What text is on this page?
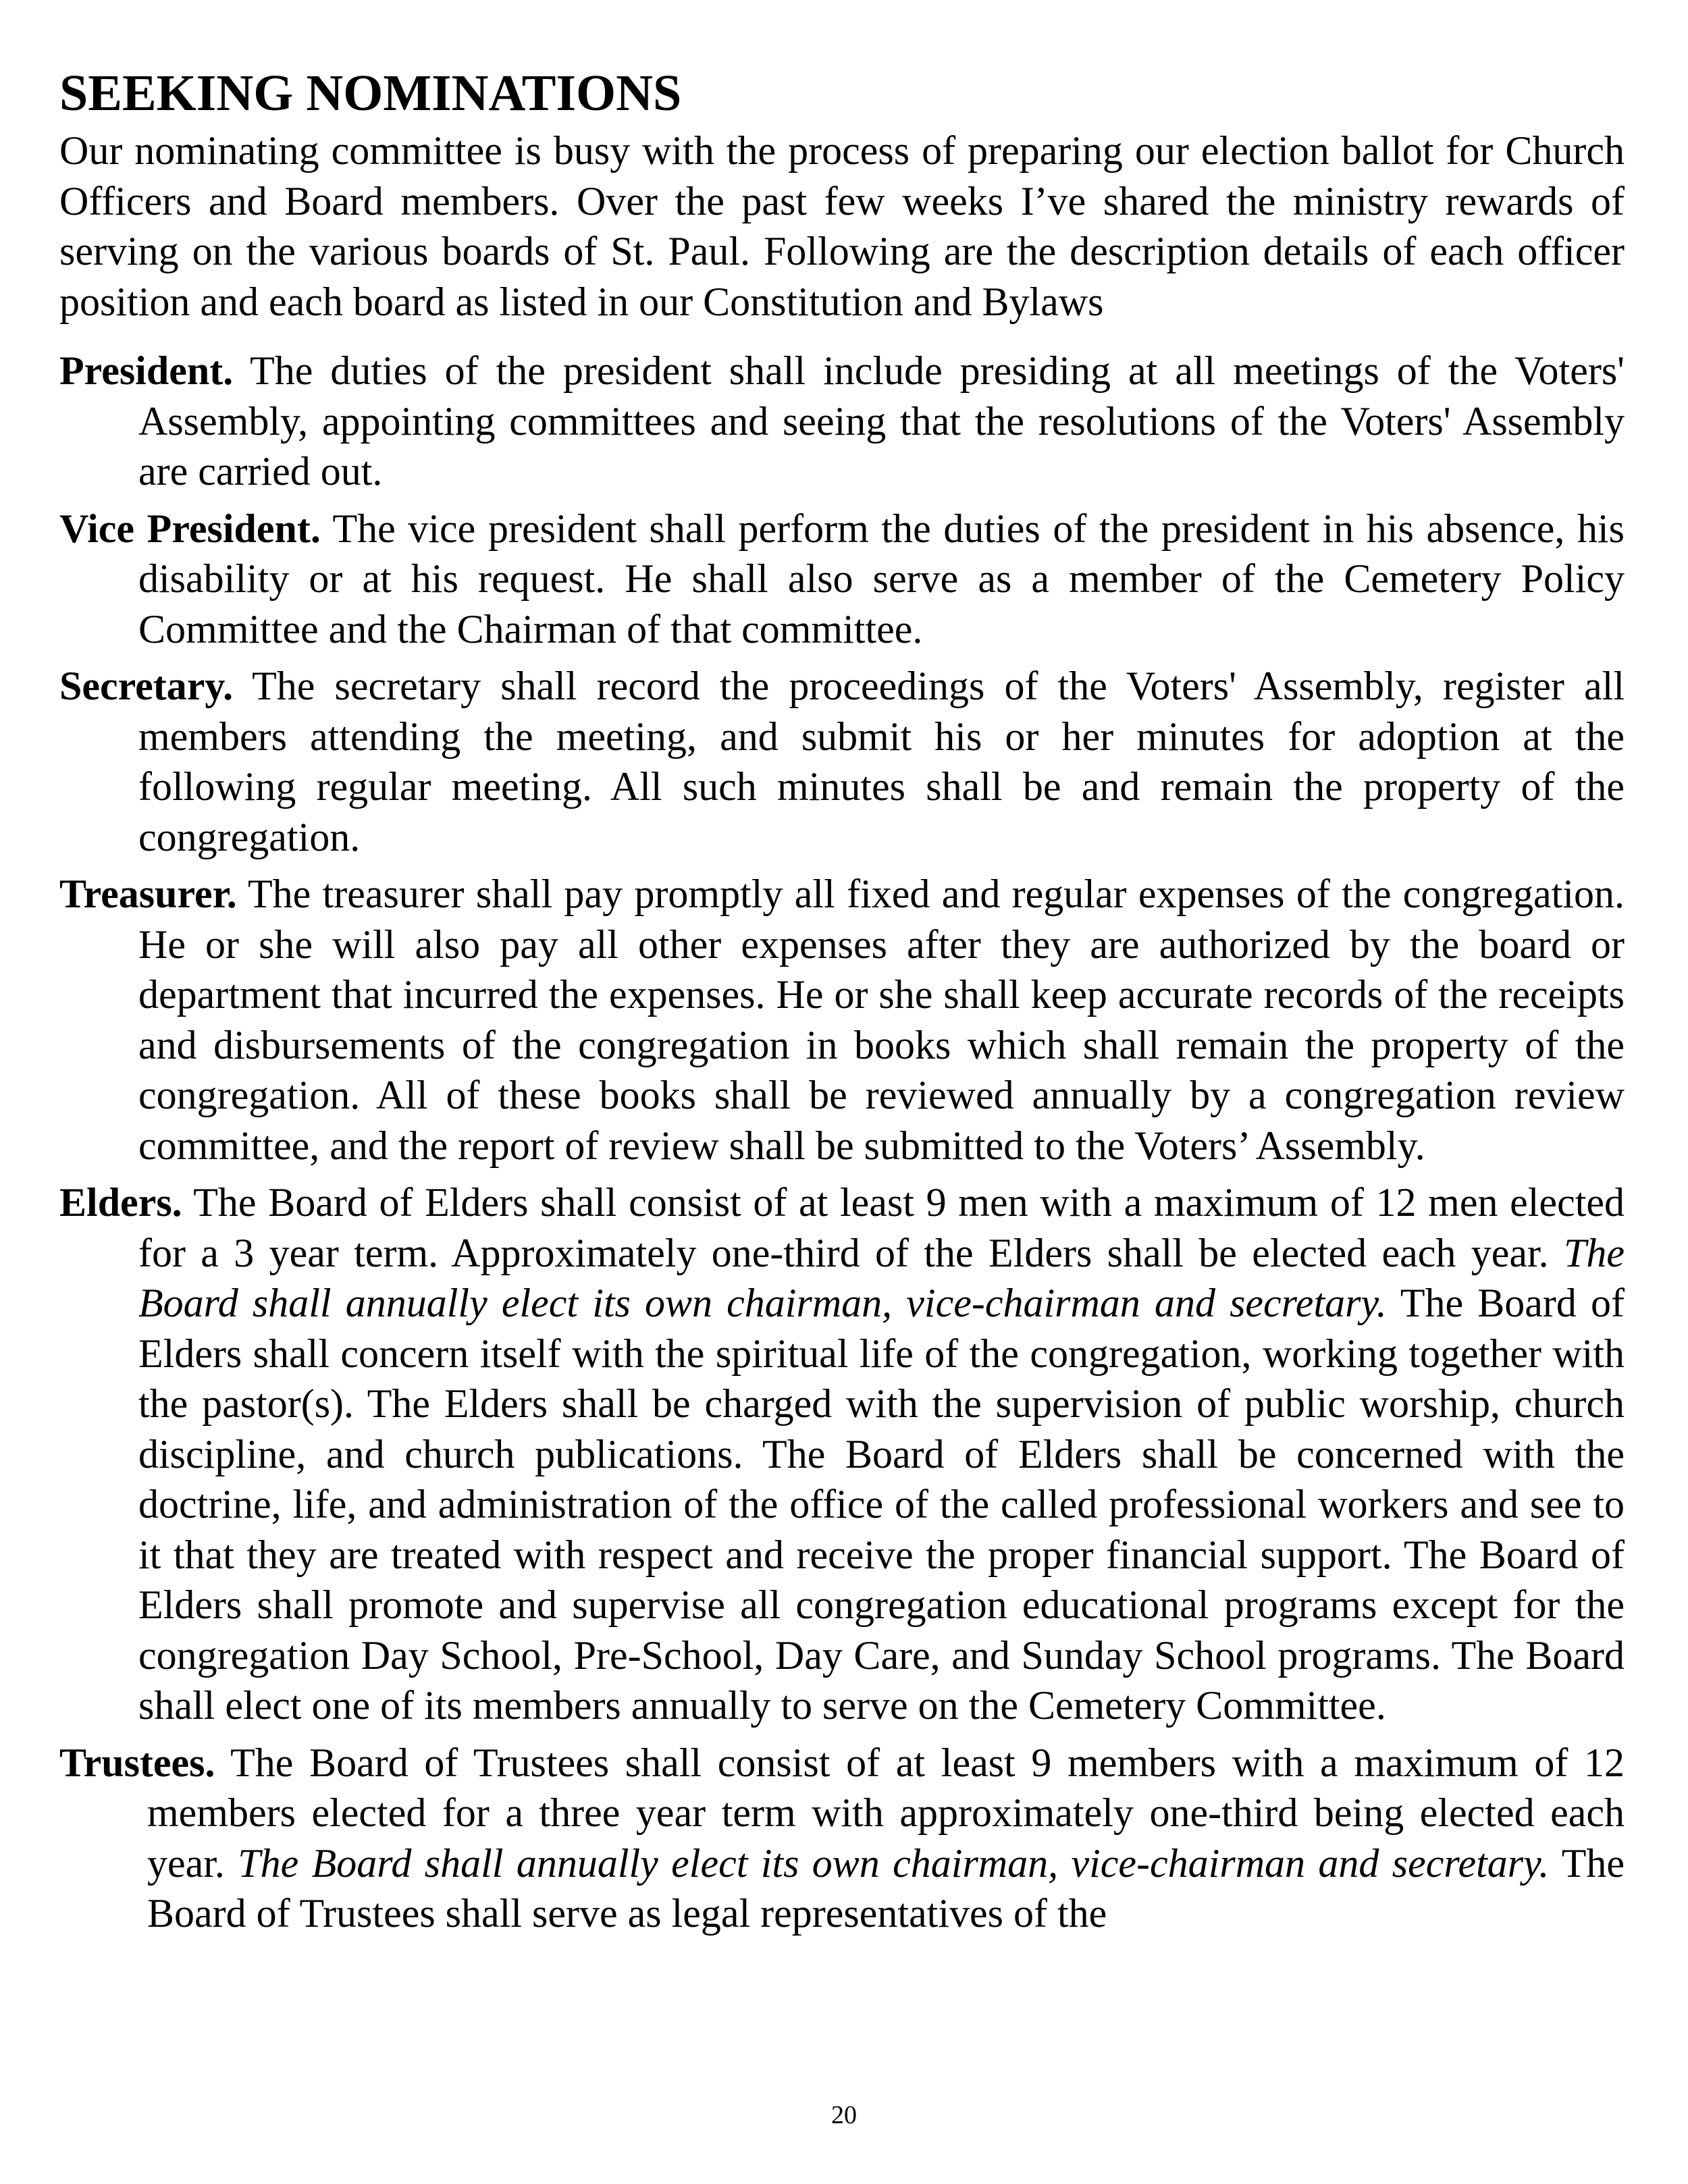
SEEKING NOMINATIONS

Our nominating committee is busy with the process of preparing our election ballot for Church Officers and Board members. Over the past few weeks I’ve shared the ministry rewards of serving on the various boards of St. Paul. Following are the description details of each officer position and each board as listed in our Constitution and Bylaws

President. The duties of the president shall include presiding at all meetings of the Voters' Assembly, appointing committees and seeing that the resolutions of the Voters' Assembly are carried out.

Vice President. The vice president shall perform the duties of the president in his absence, his disability or at his request. He shall also serve as a member of the Cemetery Policy Committee and the Chairman of that committee.

Secretary. The secretary shall record the proceedings of the Voters' Assembly, register all members attending the meeting, and submit his or her minutes for adoption at the following regular meeting. All such minutes shall be and remain the property of the congregation.

Treasurer. The treasurer shall pay promptly all fixed and regular expenses of the congregation. He or she will also pay all other expenses after they are authorized by the board or department that incurred the expenses. He or she shall keep accurate records of the receipts and disbursements of the congregation in books which shall remain the property of the congregation. All of these books shall be reviewed annually by a congregation review committee, and the report of review shall be submitted to the Voters’ Assembly.

Elders. The Board of Elders shall consist of at least 9 men with a maximum of 12 men elected for a 3 year term. Approximately one-third of the Elders shall be elected each year. The Board shall annually elect its own chairman, vice-chairman and secretary. The Board of Elders shall concern itself with the spiritual life of the congregation, working together with the pastor(s). The Elders shall be charged with the supervision of public worship, church discipline, and church publications. The Board of Elders shall be concerned with the doctrine, life, and administration of the office of the called professional workers and see to it that they are treated with respect and receive the proper financial support. The Board of Elders shall promote and supervise all congregation educational programs except for the congregation Day School, Pre-School, Day Care, and Sunday School programs. The Board shall elect one of its members annually to serve on the Cemetery Committee.

Trustees. The Board of Trustees shall consist of at least 9 members with a maximum of 12 members elected for a three year term with approximately one-third being elected each year. The Board shall annually elect its own chairman, vice-chairman and secretary. The Board of Trustees shall serve as legal representatives of the

20
